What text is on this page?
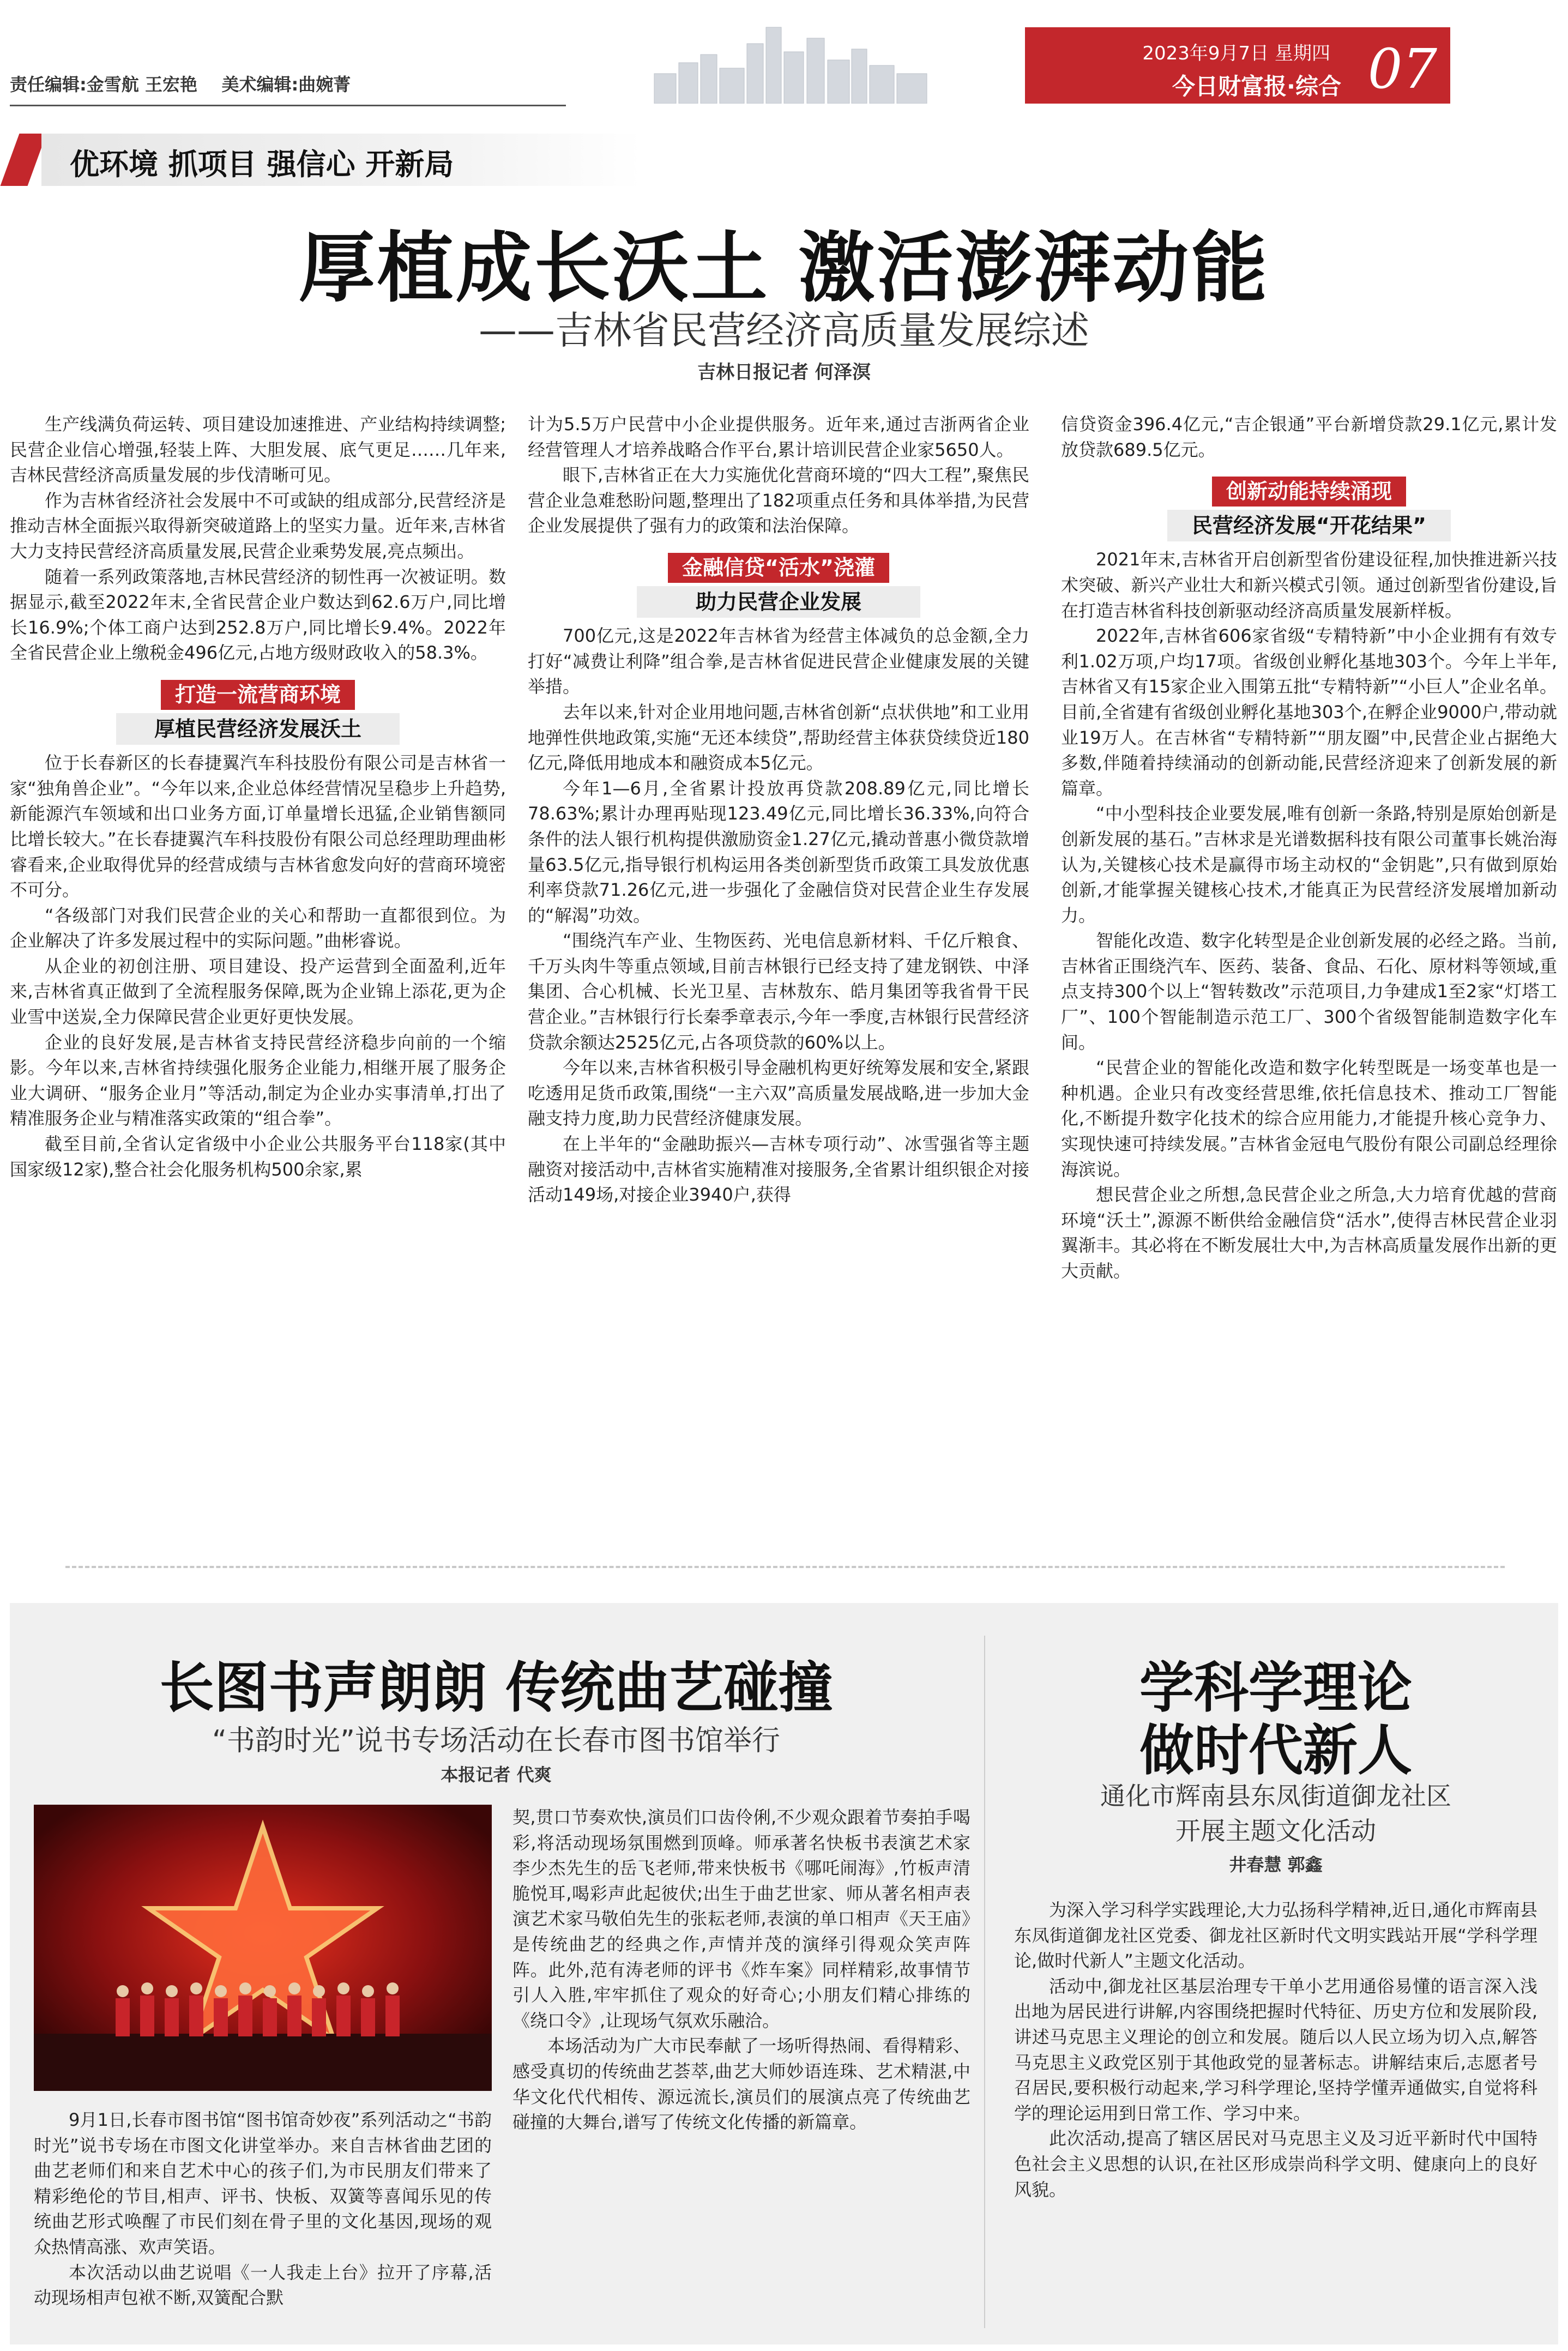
责任编辑:金雪航 王宏艳    美术编辑:曲婉菁
2023年9月7日 星期四
今日财富报·综合 07
优环境 抓项目 强信心 开新局
厚植成长沃土 激活澎湃动能
——吉林省民营经济高质量发展综述
吉林日报记者 何泽溟

生产线满负荷运转、项目建设加速推进、产业结构持续调整;民营企业信心增强,轻装上阵、大胆发展、底气更足……几年来,吉林民营经济高质量发展的步伐清晰可见。

作为吉林省经济社会发展中不可或缺的组成部分,民营经济是推动吉林全面振兴取得新突破道路上的坚实力量。近年来,吉林省大力支持民营经济高质量发展,民营企业乘势发展,亮点频出。

随着一系列政策落地,吉林民营经济的韧性再一次被证明。数据显示,截至2022年末,全省民营企业户数达到62.6万户,同比增长16.9%;个体工商户达到252.8万户,同比增长9.4%。2022年全省民营企业上缴税金496亿元,占地方级财政收入的58.3%。

打造一流营商环境
厚植民营经济发展沃土

位于长春新区的长春捷翼汽车科技股份有限公司是吉林省一家“独角兽企业”。“今年以来,企业总体经营情况呈稳步上升趋势,新能源汽车领域和出口业务方面,订单量增长迅猛,企业销售额同比增长较大。”在长春捷翼汽车科技股份有限公司总经理助理曲彬睿看来,企业取得优异的经营成绩与吉林省愈发向好的营商环境密不可分。

“各级部门对我们民营企业的关心和帮助一直都很到位。为企业解决了许多发展过程中的实际问题。”曲彬睿说。

从企业的初创注册、项目建设、投产运营到全面盈利,近年来,吉林省真正做到了全流程服务保障,既为企业锦上添花,更为企业雪中送炭,全力保障民营企业更好更快发展。

企业的良好发展,是吉林省支持民营经济稳步向前的一个缩影。今年以来,吉林省持续强化服务企业能力,相继开展了服务企业大调研、“服务企业月”等活动,制定为企业办实事清单,打出了精准服务企业与精准落实政策的“组合拳”。

截至目前,全省认定省级中小企业公共服务平台118家(其中国家级12家),整合社会化服务机构500余家,累

计为5.5万户民营中小企业提供服务。近年来,通过吉浙两省企业经营管理人才培养战略合作平台,累计培训民营企业家5650人。

眼下,吉林省正在大力实施优化营商环境的“四大工程”,聚焦民营企业急难愁盼问题,整理出了182项重点任务和具体举措,为民营企业发展提供了强有力的政策和法治保障。

金融信贷“活水”浇灌
助力民营企业发展

700亿元,这是2022年吉林省为经营主体减负的总金额,全力打好“减费让利降”组合拳,是吉林省促进民营企业健康发展的关键举措。

去年以来,针对企业用地问题,吉林省创新“点状供地”和工业用地弹性供地政策,实施“无还本续贷”,帮助经营主体获贷续贷近180亿元,降低用地成本和融资成本5亿元。

今年1—6月,全省累计投放再贷款208.89亿元,同比增长78.63%;累计办理再贴现123.49亿元,同比增长36.33%,向符合条件的法人银行机构提供激励资金1.27亿元,撬动普惠小微贷款增量63.5亿元,指导银行机构运用各类创新型货币政策工具发放优惠利率贷款71.26亿元,进一步强化了金融信贷对民营企业生存发展的“解渴”功效。

“围绕汽车产业、生物医药、光电信息新材料、千亿斤粮食、千万头肉牛等重点领域,目前吉林银行已经支持了建龙钢铁、中泽集团、合心机械、长光卫星、吉林敖东、皓月集团等我省骨干民营企业。”吉林银行行长秦季章表示,今年一季度,吉林银行民营经济贷款余额达2525亿元,占各项贷款的60%以上。

今年以来,吉林省积极引导金融机构更好统筹发展和安全,紧跟吃透用足货币政策,围绕“一主六双”高质量发展战略,进一步加大金融支持力度,助力民营经济健康发展。

在上半年的“金融助振兴—吉林专项行动”、冰雪强省等主题融资对接活动中,吉林省实施精准对接服务,全省累计组织银企对接活动149场,对接企业3940户,获得

信贷资金396.4亿元,“吉企银通”平台新增贷款29.1亿元,累计发放贷款689.5亿元。

创新动能持续涌现
民营经济发展“开花结果”

2021年末,吉林省开启创新型省份建设征程,加快推进新兴技术突破、新兴产业壮大和新兴模式引领。通过创新型省份建设,旨在打造吉林省科技创新驱动经济高质量发展新样板。

2022年,吉林省606家省级“专精特新”中小企业拥有有效专利1.02万项,户均17项。省级创业孵化基地303个。今年上半年,吉林省又有15家企业入围第五批“专精特新”“小巨人”企业名单。目前,全省建有省级创业孵化基地303个,在孵企业9000户,带动就业19万人。在吉林省“专精特新”“朋友圈”中,民营企业占据绝大多数,伴随着持续涌动的创新动能,民营经济迎来了创新发展的新篇章。

“中小型科技企业要发展,唯有创新一条路,特别是原始创新是创新发展的基石。”吉林求是光谱数据科技有限公司董事长姚治海认为,关键核心技术是赢得市场主动权的“金钥匙”,只有做到原始创新,才能掌握关键核心技术,才能真正为民营经济发展增加新动力。

智能化改造、数字化转型是企业创新发展的必经之路。当前,吉林省正围绕汽车、医药、装备、食品、石化、原材料等领域,重点支持300个以上“智转数改”示范项目,力争建成1至2家“灯塔工厂”、100个智能制造示范工厂、300个省级智能制造数字化车间。

“民营企业的智能化改造和数字化转型既是一场变革也是一种机遇。企业只有改变经营思维,依托信息技术、推动工厂智能化,不断提升数字化技术的综合应用能力,才能提升核心竞争力、实现快速可持续发展。”吉林省金冠电气股份有限公司副总经理徐海滨说。

想民营企业之所想,急民营企业之所急,大力培育优越的营商环境“沃土”,源源不断供给金融信贷“活水”,使得吉林民营企业羽翼渐丰。其必将在不断发展壮大中,为吉林高质量发展作出新的更大贡献。

长图书声朗朗 传统曲艺碰撞
“书韵时光”说书专场活动在长春市图书馆举行
本报记者 代爽

9月1日,长春市图书馆“图书馆奇妙夜”系列活动之“书韵时光”说书专场在市图文化讲堂举办。来自吉林省曲艺团的曲艺老师们和来自艺术中心的孩子们,为市民朋友们带来了精彩绝伦的节目,相声、评书、快板、双簧等喜闻乐见的传统曲艺形式唤醒了市民们刻在骨子里的文化基因,现场的观众热情高涨、欢声笑语。

本次活动以曲艺说唱《一人我走上台》拉开了序幕,活动现场相声包袱不断,双簧配合默

契,贯口节奏欢快,演员们口齿伶俐,不少观众跟着节奏拍手喝彩,将活动现场氛围燃到顶峰。师承著名快板书表演艺术家李少杰先生的岳飞老师,带来快板书《哪吒闹海》,竹板声清脆悦耳,喝彩声此起彼伏;出生于曲艺世家、师从著名相声表演艺术家马敬伯先生的张耘老师,表演的单口相声《天王庙》是传统曲艺的经典之作,声情并茂的演绎引得观众笑声阵阵。此外,范有涛老师的评书《炸车案》同样精彩,故事情节引人入胜,牢牢抓住了观众的好奇心;小朋友们精心排练的《绕口令》,让现场气氛欢乐融洽。

本场活动为广大市民奉献了一场听得热闹、看得精彩、感受真切的传统曲艺荟萃,曲艺大师妙语连珠、艺术精湛,中华文化代代相传、源远流长,演员们的展演点亮了传统曲艺碰撞的大舞台,谱写了传统文化传播的新篇章。

学科学理论
做时代新人
通化市辉南县东凤街道御龙社区
开展主题文化活动
井春慧 郭鑫

为深入学习科学实践理论,大力弘扬科学精神,近日,通化市辉南县东凤街道御龙社区党委、御龙社区新时代文明实践站开展“学科学理论,做时代新人”主题文化活动。

活动中,御龙社区基层治理专干单小艺用通俗易懂的语言深入浅出地为居民进行讲解,内容围绕把握时代特征、历史方位和发展阶段,讲述马克思主义理论的创立和发展。随后以人民立场为切入点,解答马克思主义政党区别于其他政党的显著标志。讲解结束后,志愿者号召居民,要积极行动起来,学习科学理论,坚持学懂弄通做实,自觉将科学的理论运用到日常工作、学习中来。

此次活动,提高了辖区居民对马克思主义及习近平新时代中国特色社会主义思想的认识,在社区形成崇尚科学文明、健康向上的良好风貌。
